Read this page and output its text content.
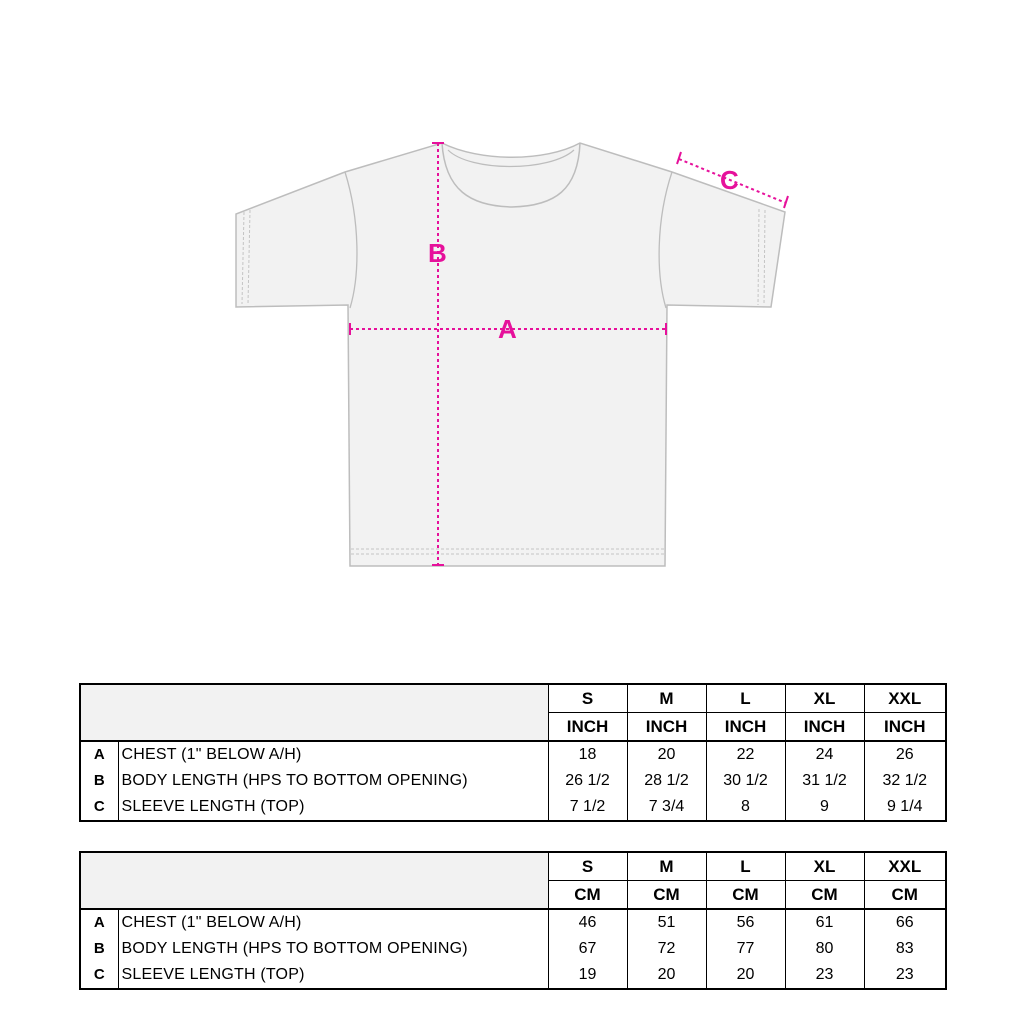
B
A
C
		S	M	L	XL	XXL
		INCH	INCH	INCH	INCH	INCH
A	CHEST (1" BELOW A/H)	18	20	22	24	26
B	BODY LENGTH (HPS TO BOTTOM OPENING)	26 1/2	28 1/2	30 1/2	31 1/2	32 1/2
C	SLEEVE LENGTH (TOP)	7 1/2	7 3/4	8	9	9 1/4
		S	M	L	XL	XXL
		CM	CM	CM	CM	CM
A	CHEST (1" BELOW A/H)	46	51	56	61	66
B	BODY LENGTH (HPS TO BOTTOM OPENING)	67	72	77	80	83
C	SLEEVE LENGTH (TOP)	19	20	20	23	23
